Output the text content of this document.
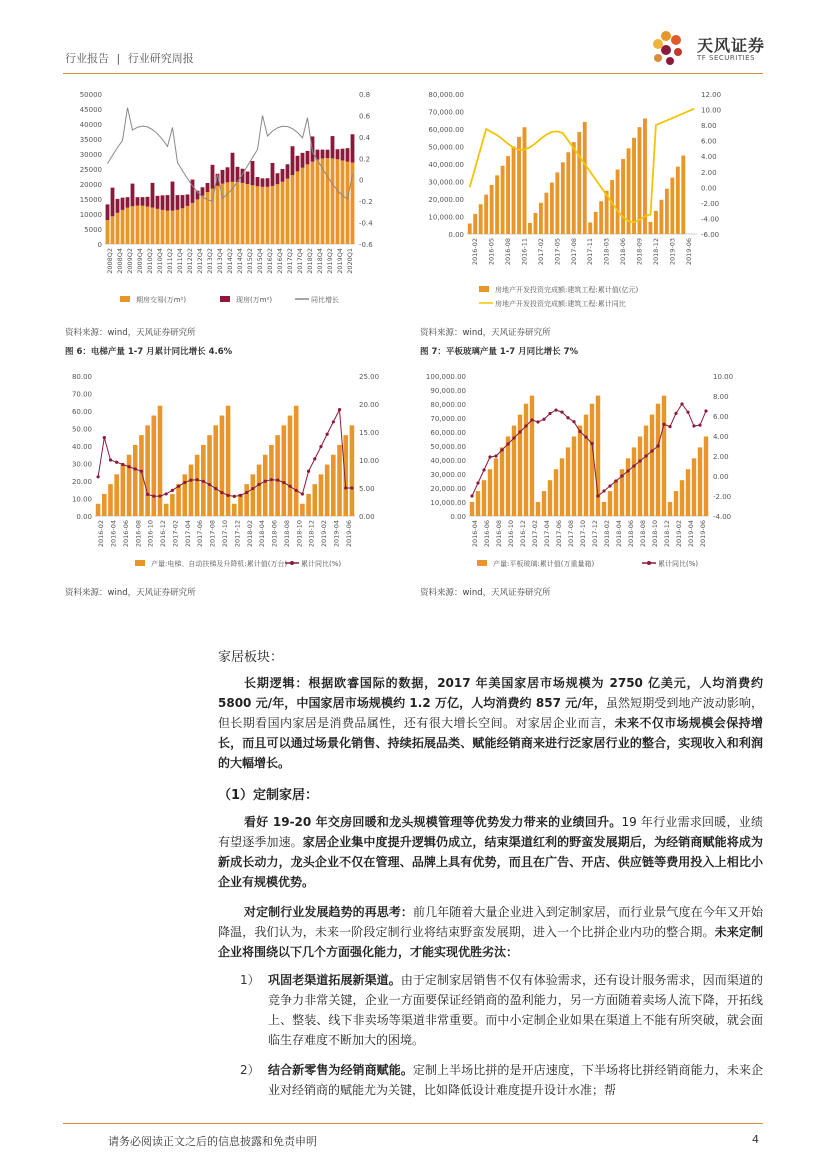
行业报告 | 行业研究周报
天风证券
TF SECURITIES
50000
45000
40000
35000
30000
25000
20000
15000
10000
5000
0
0.8
0.6
0.4
0.2
0
-0.2
-0.4
-0.6
2008Q2 2008Q4 2009Q2 2009Q4 2010Q2 2010Q4 2011Q2 2011Q4 2012Q2 2012Q4 2013Q2 2013Q4 2014Q2 2014Q4 2015Q2 2015Q4 2016Q2 2016Q4 2017Q2 2017Q4 2018Q2 2018Q4 2019Q2 2019Q4 2020Q1
期房交易(万m²)	现房(万m²)	同比增长
资料来源：wind，天风证券研究所
80,000.00
70,000.00
60,000.00
50,000.00
40,000.00
30,000.00
20,000.00
10,000.00
0.00
12.00
10.00
8.00
6.00
4.00
2.00
0.00
-2.00
-4.00
-6.00
2016-02 2016-05 2016-08 2016-11 2017-02 2017-05 2017-08 2017-11 2018-03 2018-06 2018-09 2018-12 2019-03 2019-06
房地产开发投资完成额:建筑工程:累计值(亿元)
房地产开发投资完成额:建筑工程:累计同比
资料来源：wind，天风证券研究所
图 6：电梯产量 1-7 月累计同比增长 4.6%	图 7：平板玻璃产量 1-7 月同比增长 7%
80.00
70.00
60.00
50.00
40.00
30.00
20.00
10.00
0.00
25.00
20.00
15.00
10.00
5.00
0.00
2016-02 2016-04 2016-06 2016-08 2016-10 2016-12 2017-02 2017-04 2017-06 2017-08 2017-10 2017-12 2018-02 2018-04 2018-06 2018-08 2018-10 2018-12 2019-02 2019-04 2019-06
产量:电梯、自动扶梯及升降机:累计值(万台) 累计同比(%)
资料来源：wind，天风证券研究所
100,000.00
90,000.00
80,000.00
70,000.00
60,000.00
50,000.00
40,000.00
30,000.00
20,000.00
10,000.00
0.00
10.00
8.00
6.00
4.00
2.00
0.00
-2.00
-4.00
2016-04 2016-06 2016-08 2016-10 2016-12 2017-02 2017-04 2017-06 2017-08 2017-10 2017-12 2018-02 2018-04 2018-06 2018-08 2018-10 2018-12 2019-02 2019-04 2019-06
产量:平板玻璃:累计值(万重量箱)	累计同比(%)
资料来源：wind，天风证券研究所
家居板块：
长期逻辑：根据欧睿国际的数据，2017 年美国家居市场规模为 2750 亿美元，人均消费约 5800 元/年，中国家居市场规模约 1.2 万亿，人均消费约 857 元/年，虽然短期受到地产波动影响，但长期看国内家居是消费品属性，还有很大增长空间。对家居企业而言，未来不仅市场规模会保持增长，而且可以通过场景化销售、持续拓展品类、赋能经销商来进行泛家居行业的整合，实现收入和利润的大幅增长。
（1）定制家居：
看好 19-20 年交房回暖和龙头规模管理等优势发力带来的业绩回升。19 年行业需求回暖，业绩有望逐季加速。家居企业集中度提升逻辑仍成立，结束渠道红利的野蛮发展期后，为经销商赋能将成为新成长动力，龙头企业不仅在管理、品牌上具有优势，而且在广告、开店、供应链等费用投入上相比小企业有规模优势。
对定制行业发展趋势的再思考：前几年随着大量企业进入到定制家居，而行业景气度在今年又开始降温，我们认为，未来一阶段定制行业将结束野蛮发展期，进入一个比拼企业内功的整合期。未来定制企业将围绕以下几个方面强化能力，才能实现优胜劣汰：
1） 巩固老渠道拓展新渠道。由于定制家居销售不仅有体验需求，还有设计服务需求，因而渠道的竞争力非常关键，企业一方面要保证经销商的盈利能力，另一方面随着卖场人流下降，开拓线上、整装、线下非卖场等渠道非常重要。而中小定制企业如果在渠道上不能有所突破，就会面临生存难度不断加大的困境。
2） 结合新零售为经销商赋能。定制上半场比拼的是开店速度，下半场将比拼经销商能力，未来企业对经销商的赋能尤为关键，比如降低设计难度提升设计水准；帮
请务必阅读正文之后的信息披露和免责申明	4
